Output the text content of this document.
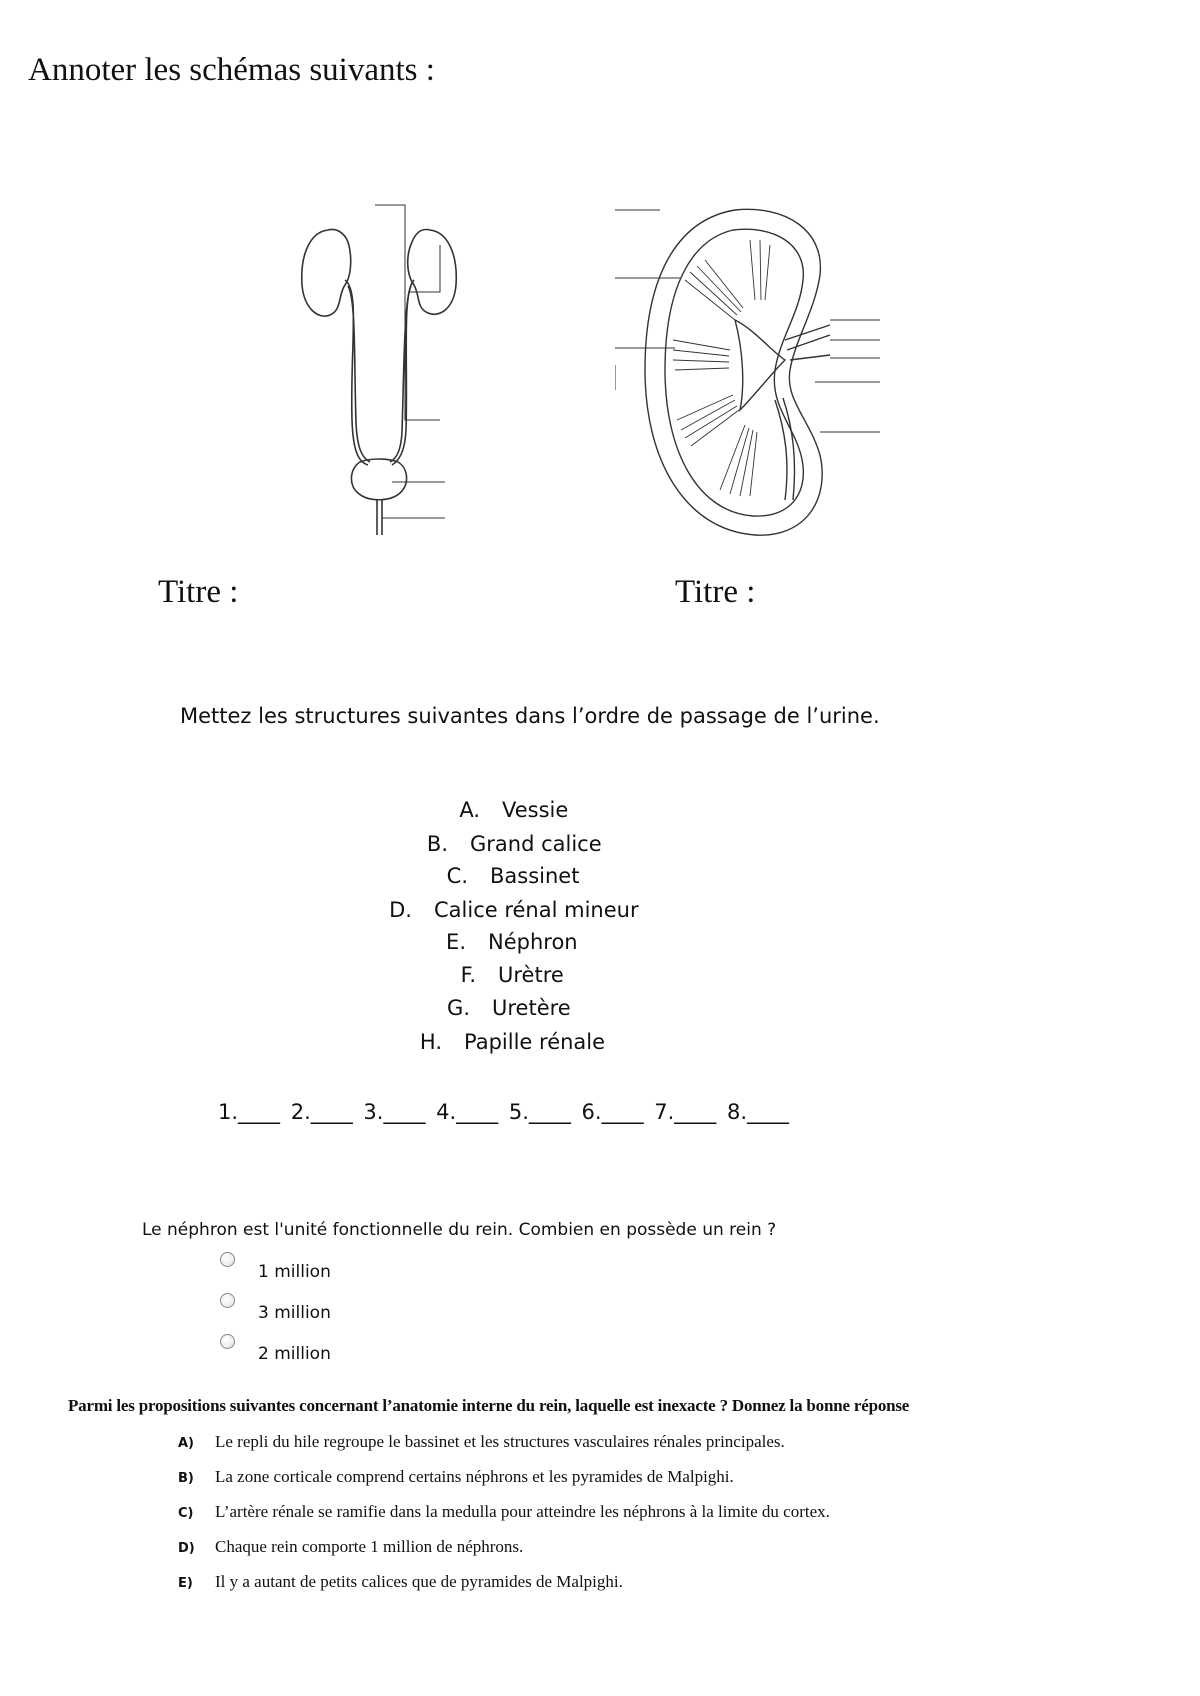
Annoter les schémas suivants :
Titre :	Titre :
Mettez les structures suivantes dans l’ordre de passage de l’urine.
A. Vessie
B. Grand calice
C. Bassinet
D. Calice rénal mineur
E. Néphron
F. Urètre
G. Uretère
H. Papille rénale
1.____ 2.____ 3.____ 4.____ 5.____ 6.____ 7.____ 8.____
Le néphron est l'unité fonctionnelle du rein. Combien en possède un rein ?
1 million
3 million
2 million
Parmi les propositions suivantes concernant l’anatomie interne du rein, laquelle est inexacte ? Donnez la bonne réponse
A) Le repli du hile regroupe le bassinet et les structures vasculaires rénales principales.
B) La zone corticale comprend certains néphrons et les pyramides de Malpighi.
C) L’artère rénale se ramifie dans la medulla pour atteindre les néphrons à la limite du cortex.
D) Chaque rein comporte 1 million de néphrons.
E) Il y a autant de petits calices que de pyramides de Malpighi.
